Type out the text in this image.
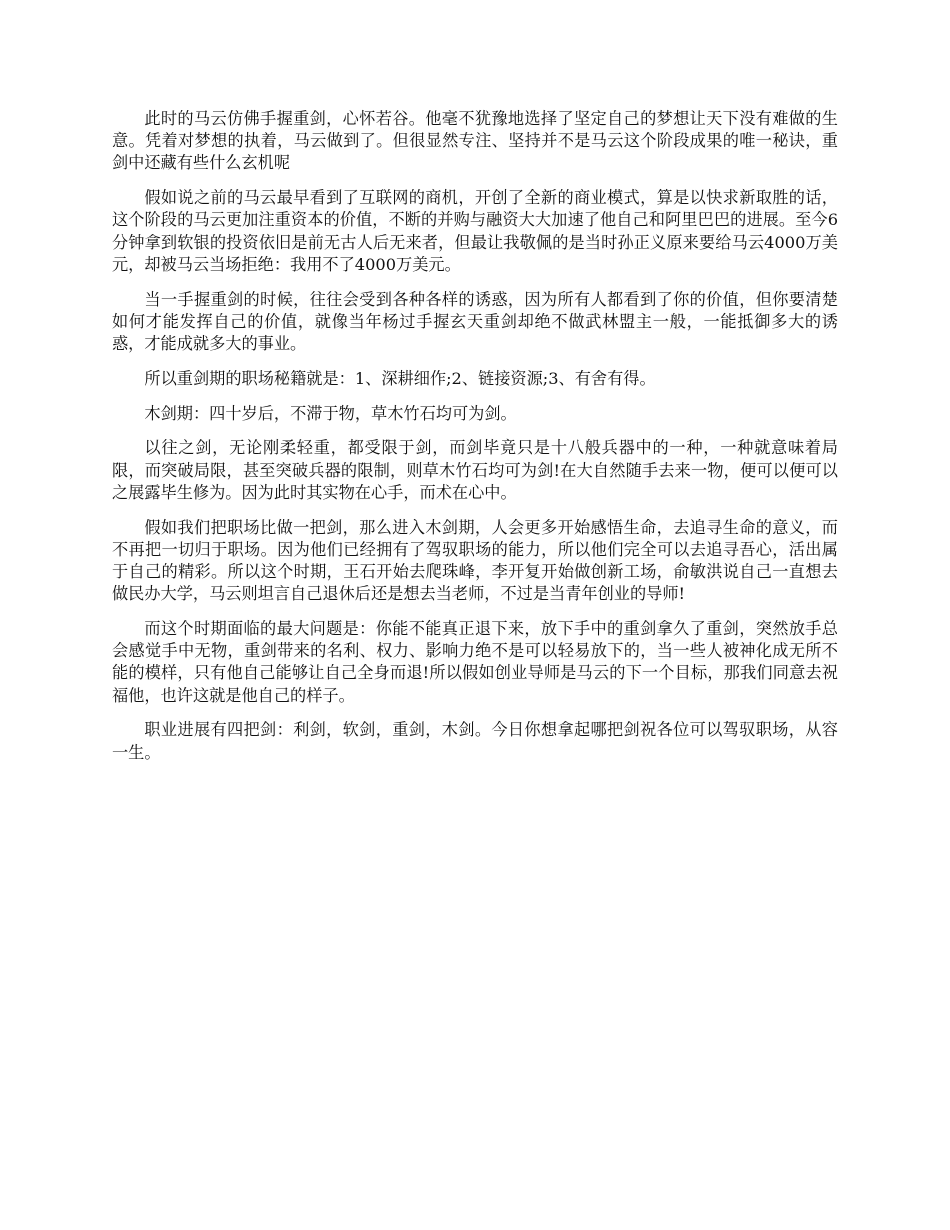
此时的马云仿佛手握重剑，心怀若谷。他毫不犹豫地选择了坚定自己的梦想让天下没有难做的生意。凭着对梦想的执着，马云做到了。但很显然专注、坚持并不是马云这个阶段成果的唯一秘诀，重剑中还藏有些什么玄机呢

假如说之前的马云最早看到了互联网的商机，开创了全新的商业模式，算是以快求新取胜的话，这个阶段的马云更加注重资本的价值，不断的并购与融资大大加速了他自己和阿里巴巴的进展。至今6分钟拿到软银的投资依旧是前无古人后无来者，但最让我敬佩的是当时孙正义原来要给马云4000万美元，却被马云当场拒绝：我用不了4000万美元。

当一手握重剑的时候，往往会受到各种各样的诱惑，因为所有人都看到了你的价值，但你要清楚如何才能发挥自己的价值，就像当年杨过手握玄天重剑却绝不做武林盟主一般，一能抵御多大的诱惑，才能成就多大的事业。

所以重剑期的职场秘籍就是：1、深耕细作;2、链接资源;3、有舍有得。

木剑期：四十岁后，不滞于物，草木竹石均可为剑。

以往之剑，无论刚柔轻重，都受限于剑，而剑毕竟只是十八般兵器中的一种，一种就意味着局限，而突破局限，甚至突破兵器的限制，则草木竹石均可为剑!在大自然随手去来一物，便可以便可以之展露毕生修为。因为此时其实物在心手，而术在心中。

假如我们把职场比做一把剑，那么进入木剑期，人会更多开始感悟生命，去追寻生命的意义，而不再把一切归于职场。因为他们已经拥有了驾驭职场的能力，所以他们完全可以去追寻吾心，活出属于自己的精彩。所以这个时期，王石开始去爬珠峰，李开复开始做创新工场，俞敏洪说自己一直想去做民办大学，马云则坦言自己退休后还是想去当老师，不过是当青年创业的导师!

而这个时期面临的最大问题是：你能不能真正退下来，放下手中的重剑拿久了重剑，突然放手总会感觉手中无物，重剑带来的名利、权力、影响力绝不是可以轻易放下的，当一些人被神化成无所不能的模样，只有他自己能够让自己全身而退!所以假如创业导师是马云的下一个目标，那我们同意去祝福他，也许这就是他自己的样子。

职业进展有四把剑：利剑，软剑，重剑，木剑。今日你想拿起哪把剑祝各位可以驾驭职场，从容一生。
